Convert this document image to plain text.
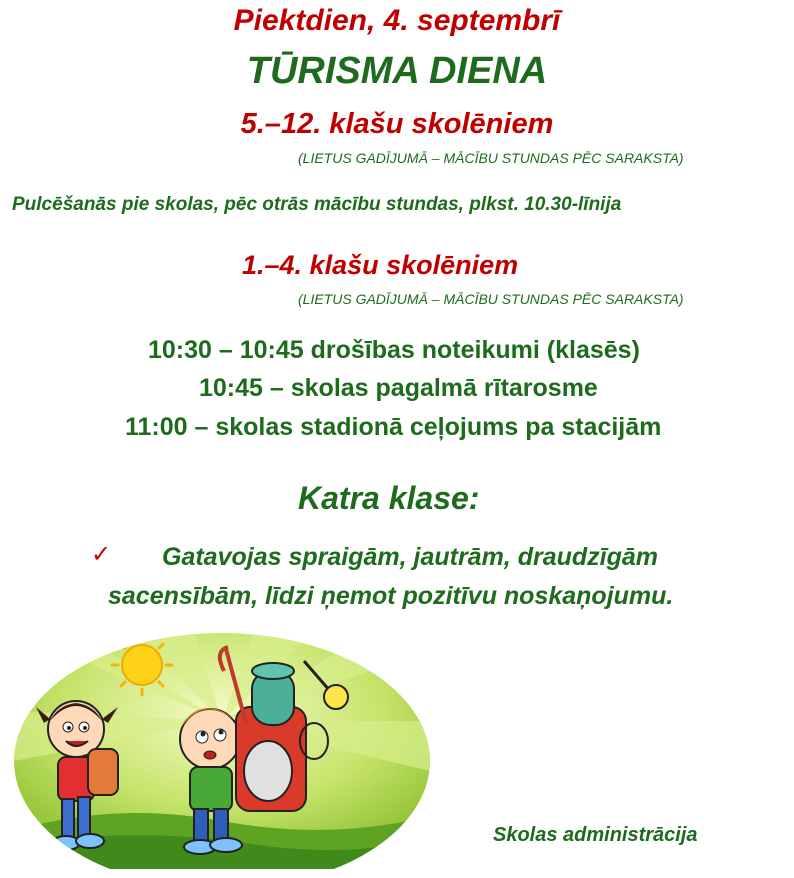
Piektdien, 4. septembrī
TŪRISMA DIENA
5.–12. klašu skolēniem
(LIETUS GADĪJUMĀ – MĀCĪBU STUNDAS PĒC SARAKSTA)
Pulcēšanās pie skolas, pēc otrās mācību stundas, plkst. 10.30-līnija
1.–4. klašu skolēniem
(LIETUS GADĪJUMĀ – MĀCĪBU STUNDAS PĒC SARAKSTA)
10:30 – 10:45 drošības noteikumi (klasēs)
10:45 – skolas pagalmā rītarosme
11:00 – skolas stadionā ceļojums pa stacijām
Katra klase:
✓ Gatavojas spraigām, jautrām, draudzīgām
sacensībām, līdzi ņemot pozitīvu noskaņojumu.
Skolas administrācija
